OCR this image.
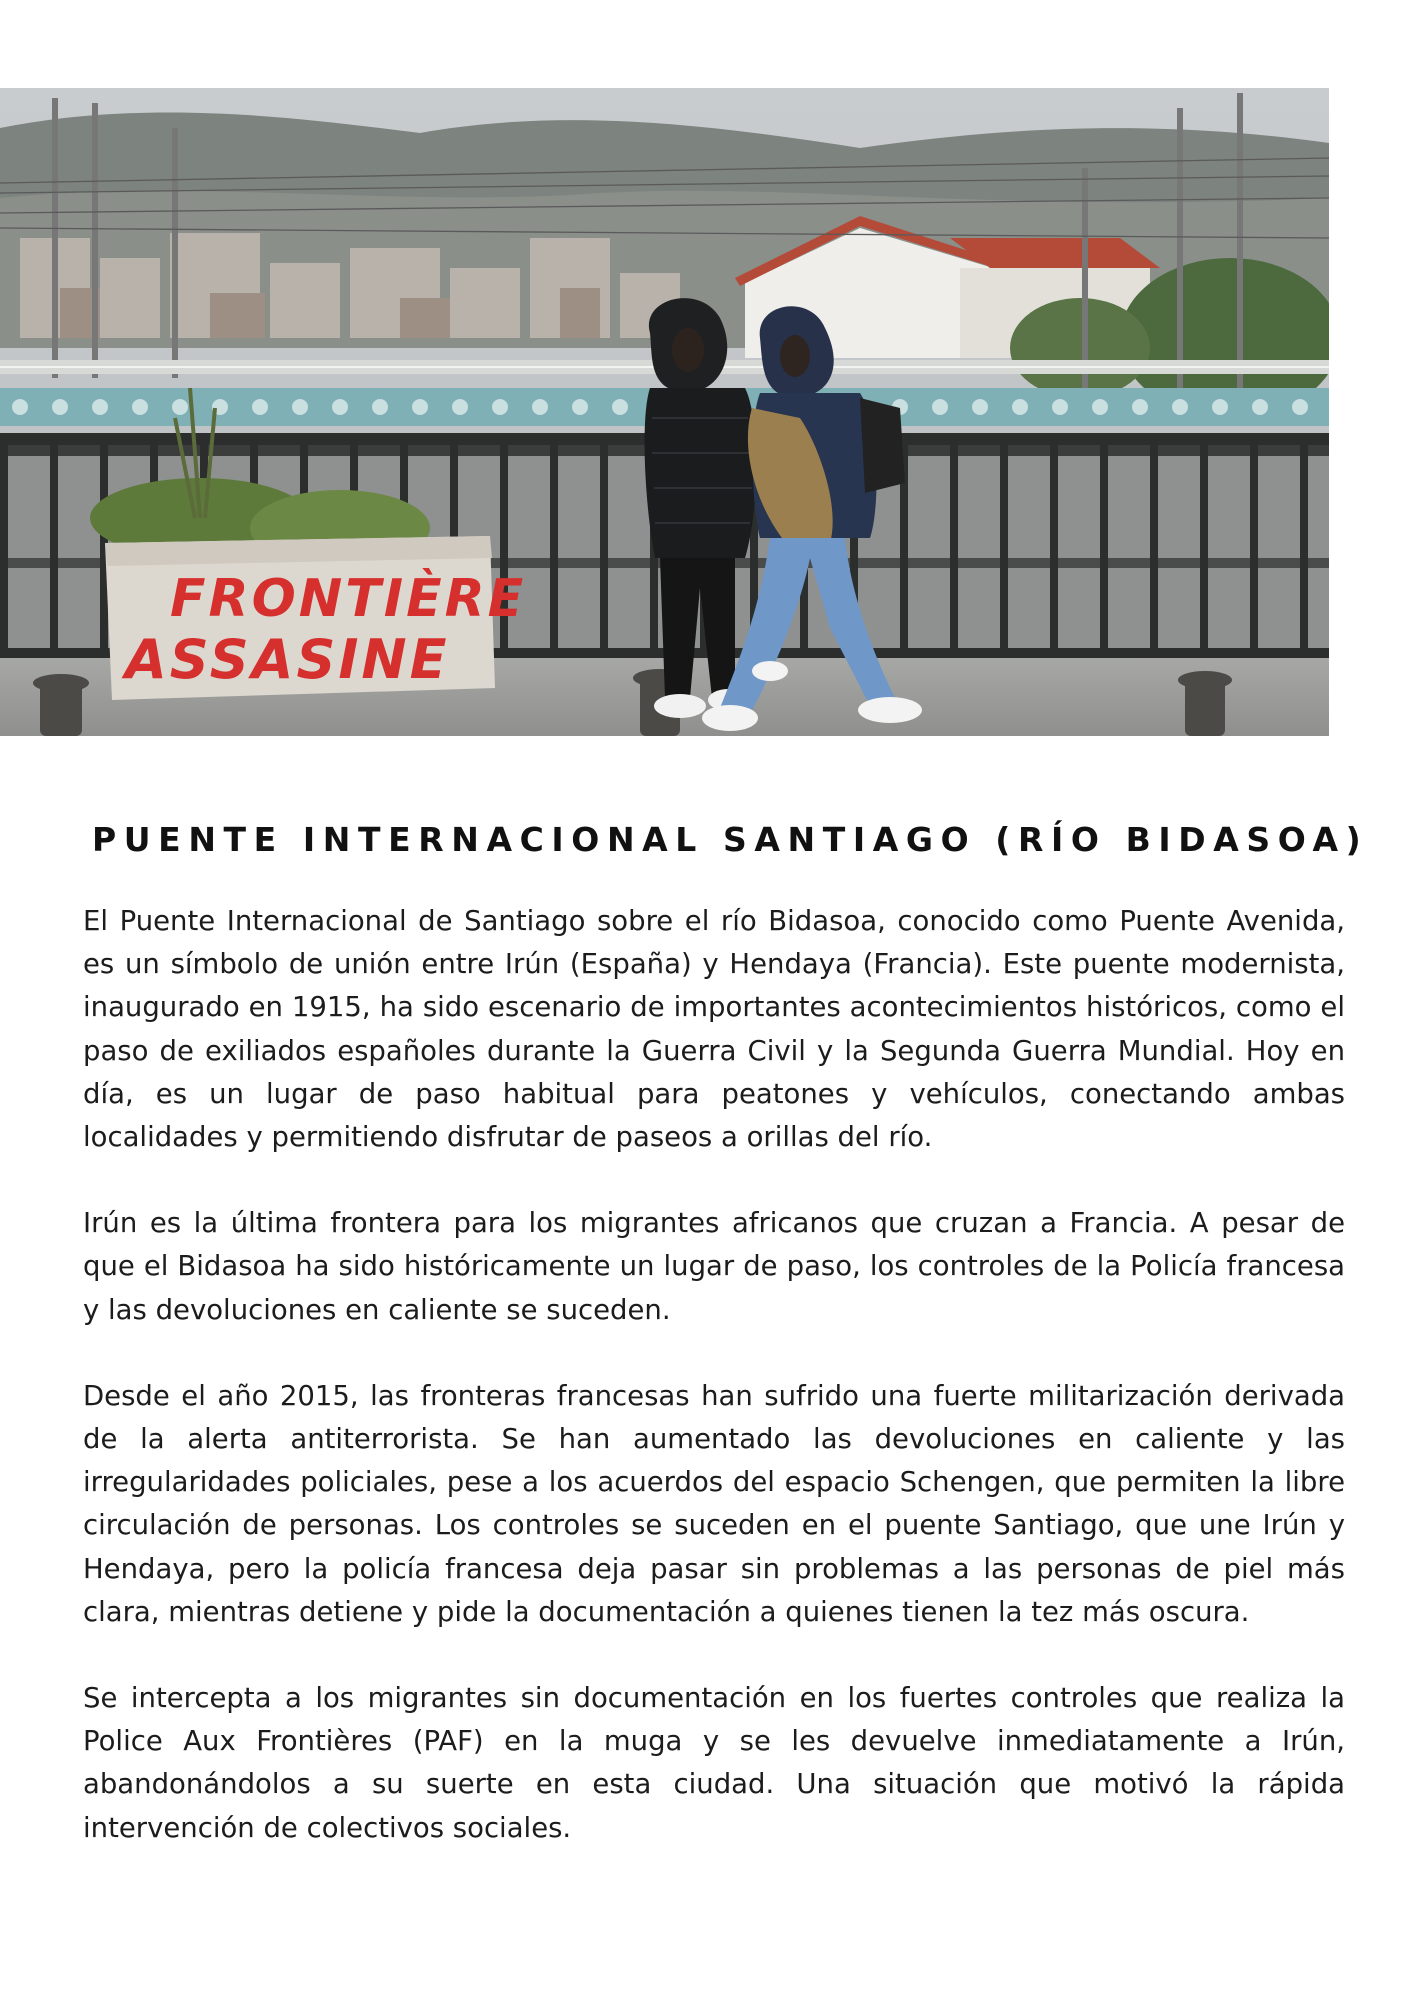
FRONTIÈRE
ASSASINE
PUENTE INTERNACIONAL SANTIAGO (RÍO BIDASOA)

El Puente Internacional de Santiago sobre el río Bidasoa, conocido como Puente Avenida, es un símbolo de unión entre Irún (España) y Hendaya (Francia). Este puente modernista, inaugurado en 1915, ha sido escenario de importantes acontecimientos históricos, como el paso de exiliados españoles durante la Guerra Civil y la Segunda Guerra Mundial. Hoy en día, es un lugar de paso habitual para peatones y vehículos, conectando ambas localidades y permitiendo disfrutar de paseos a orillas del río.

Irún es la última frontera para los migrantes africanos que cruzan a Francia. A pesar de que el Bidasoa ha sido históricamente un lugar de paso, los controles de la Policía francesa y las devoluciones en caliente se suceden.

Desde el año 2015, las fronteras francesas han sufrido una fuerte militarización derivada de la alerta antiterrorista. Se han aumentado las devoluciones en caliente y las irregularidades policiales, pese a los acuerdos del espacio Schengen, que permiten la libre circulación de personas. Los controles se suceden en el puente Santiago, que une Irún y Hendaya, pero la policía francesa deja pasar sin problemas a las personas de piel más clara, mientras detiene y pide la documentación a quienes tienen la tez más oscura.

Se intercepta a los migrantes sin documentación en los fuertes controles que realiza la Police Aux Frontières (PAF) en la muga y se les devuelve inmediatamente a Irún, abandonándolos a su suerte en esta ciudad. Una situación que motivó la rápida intervención de colectivos sociales.
